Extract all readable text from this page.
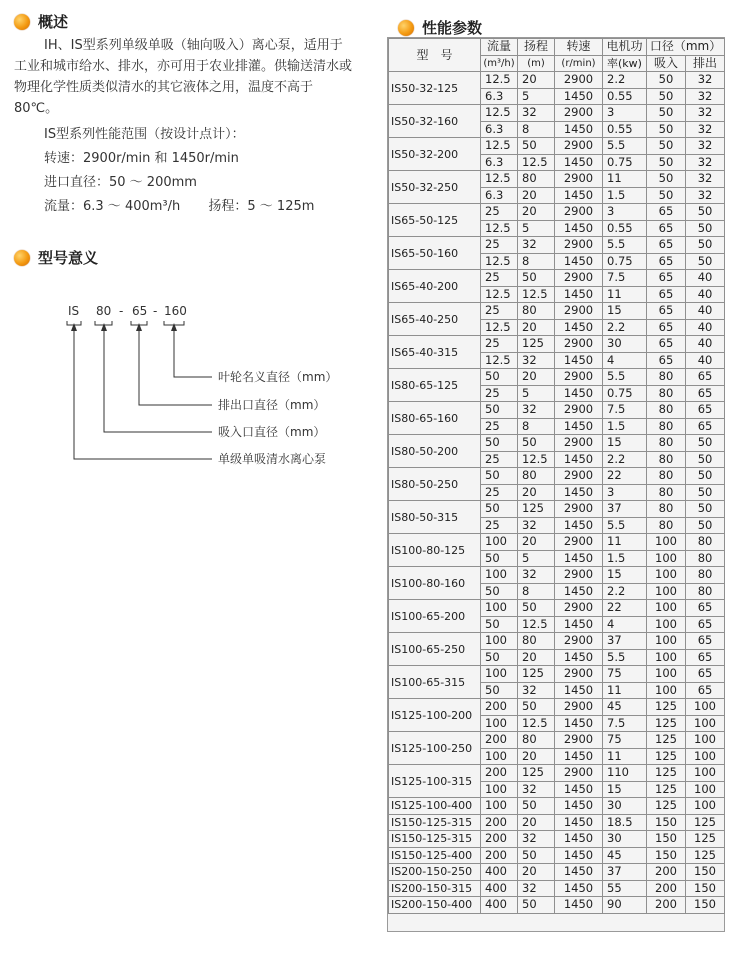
概述

IH、IS型系列单级单吸（轴向吸入）离心泵，适用于工业和城市给水、排水，亦可用于农业排灌。供输送清水或物理化学性质类似清水的其它液体之用，温度不高于80℃。

IS型系列性能范围（按设计点计）：

转速：2900r/min 和 1450r/min

进口直径：50 ～ 200mm

流量：6.3 ～ 400m³/h 扬程：5 ～ 125m

型号意义
IS 80 - 65 - 160
叶轮名义直径（mm）
排出口直径（mm）
吸入口直径（mm）
单级单吸清水离心泵
性能参数
型　号	流量	扬程	转速	电机功	口径（mm）	
	(m³/h)	(m)	(r/min)	率(kw)	吸入	排出
IS50-32-125	12.5	20	2900	2.2	50	32
	6.3	5	1450	0.55	50	32
IS50-32-160	12.5	32	2900	3	50	32
	6.3	8	1450	0.55	50	32
IS50-32-200	12.5	50	2900	5.5	50	32
	6.3	12.5	1450	0.75	50	32
IS50-32-250	12.5	80	2900	11	50	32
	6.3	20	1450	1.5	50	32
IS65-50-125	25	20	2900	3	65	50
	12.5	5	1450	0.55	65	50
IS65-50-160	25	32	2900	5.5	65	50
	12.5	8	1450	0.75	65	50
IS65-40-200	25	50	2900	7.5	65	40
	12.5	12.5	1450	11	65	40
IS65-40-250	25	80	2900	15	65	40
	12.5	20	1450	2.2	65	40
IS65-40-315	25	125	2900	30	65	40
	12.5	32	1450	4	65	40
IS80-65-125	50	20	2900	5.5	80	65
	25	5	1450	0.75	80	65
IS80-65-160	50	32	2900	7.5	80	65
	25	8	1450	1.5	80	65
IS80-50-200	50	50	2900	15	80	50
	25	12.5	1450	2.2	80	50
IS80-50-250	50	80	2900	22	80	50
	25	20	1450	3	80	50
IS80-50-315	50	125	2900	37	80	50
	25	32	1450	5.5	80	50
IS100-80-125	100	20	2900	11	100	80
	50	5	1450	1.5	100	80
IS100-80-160	100	32	2900	15	100	80
	50	8	1450	2.2	100	80
IS100-65-200	100	50	2900	22	100	65
	50	12.5	1450	4	100	65
IS100-65-250	100	80	2900	37	100	65
	50	20	1450	5.5	100	65
IS100-65-315	100	125	2900	75	100	65
	50	32	1450	11	100	65
IS125-100-200	200	50	2900	45	125	100
	100	12.5	1450	7.5	125	100
IS125-100-250	200	80	2900	75	125	100
	100	20	1450	11	125	100
IS125-100-315	200	125	2900	110	125	100
	100	32	1450	15	125	100
IS125-100-400	100	50	1450	30	125	100
IS150-125-315	200	20	1450	18.5	150	125
IS150-125-315	200	32	1450	30	150	125
IS150-125-400	200	50	1450	45	150	125
IS200-150-250	400	20	1450	37	200	150
IS200-150-315	400	32	1450	55	200	150
IS200-150-400	400	50	1450	90	200	150
